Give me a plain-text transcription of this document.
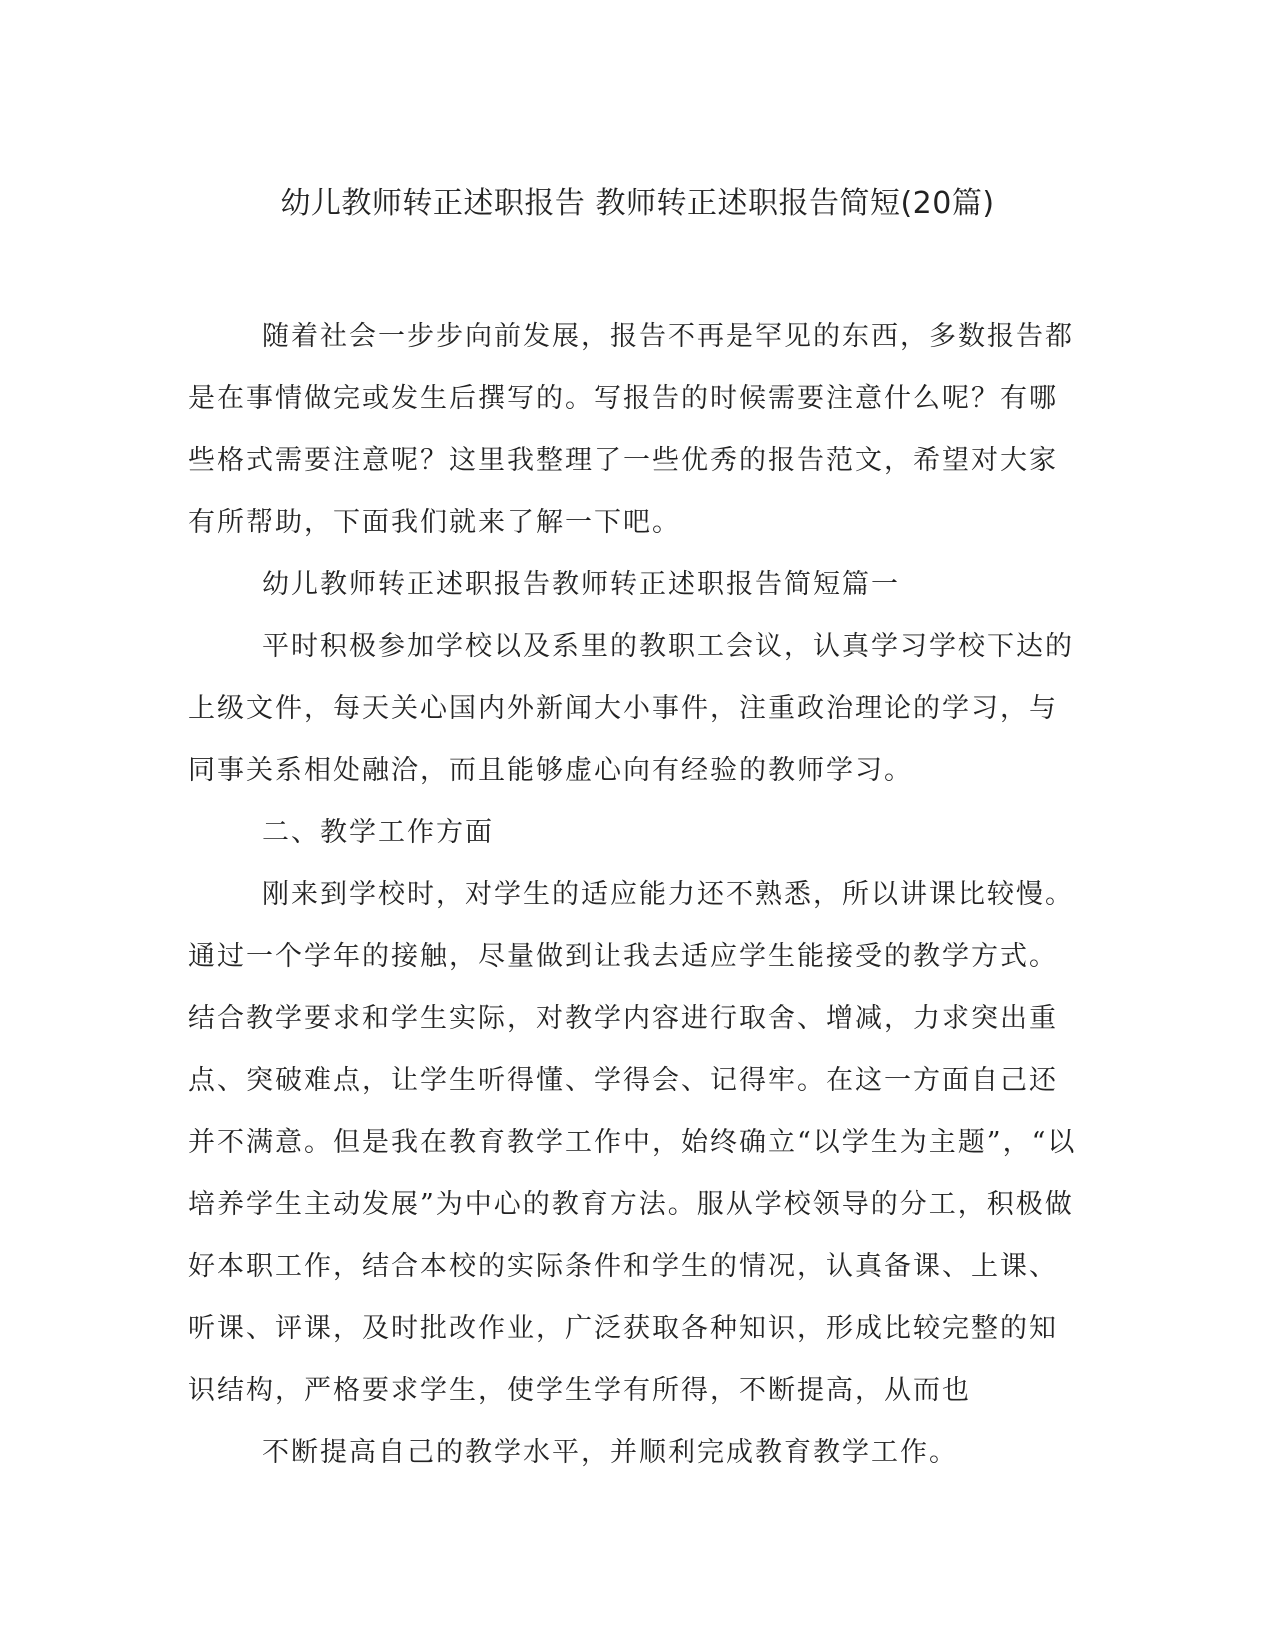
幼儿教师转正述职报告 教师转正述职报告简短(20篇)
随着社会一步步向前发展，报告不再是罕见的东西，多数报告都
是在事情做完或发生后撰写的。写报告的时候需要注意什么呢？有哪
些格式需要注意呢？这里我整理了一些优秀的报告范文，希望对大家
有所帮助，下面我们就来了解一下吧。
幼儿教师转正述职报告教师转正述职报告简短篇一
平时积极参加学校以及系里的教职工会议，认真学习学校下达的
上级文件，每天关心国内外新闻大小事件，注重政治理论的学习，与
同事关系相处融洽，而且能够虚心向有经验的教师学习。
二、教学工作方面
刚来到学校时，对学生的适应能力还不熟悉，所以讲课比较慢。
通过一个学年的接触，尽量做到让我去适应学生能接受的教学方式。
结合教学要求和学生实际，对教学内容进行取舍、增减，力求突出重
点、突破难点，让学生听得懂、学得会、记得牢。在这一方面自己还
并不满意。但是我在教育教学工作中，始终确立“以学生为主题”，“以
培养学生主动发展”为中心的教育方法。服从学校领导的分工，积极做
好本职工作，结合本校的实际条件和学生的情况，认真备课、上课、
听课、评课，及时批改作业，广泛获取各种知识，形成比较完整的知
识结构，严格要求学生，使学生学有所得，不断提高，从而也
不断提高自己的教学水平，并顺利完成教育教学工作。
